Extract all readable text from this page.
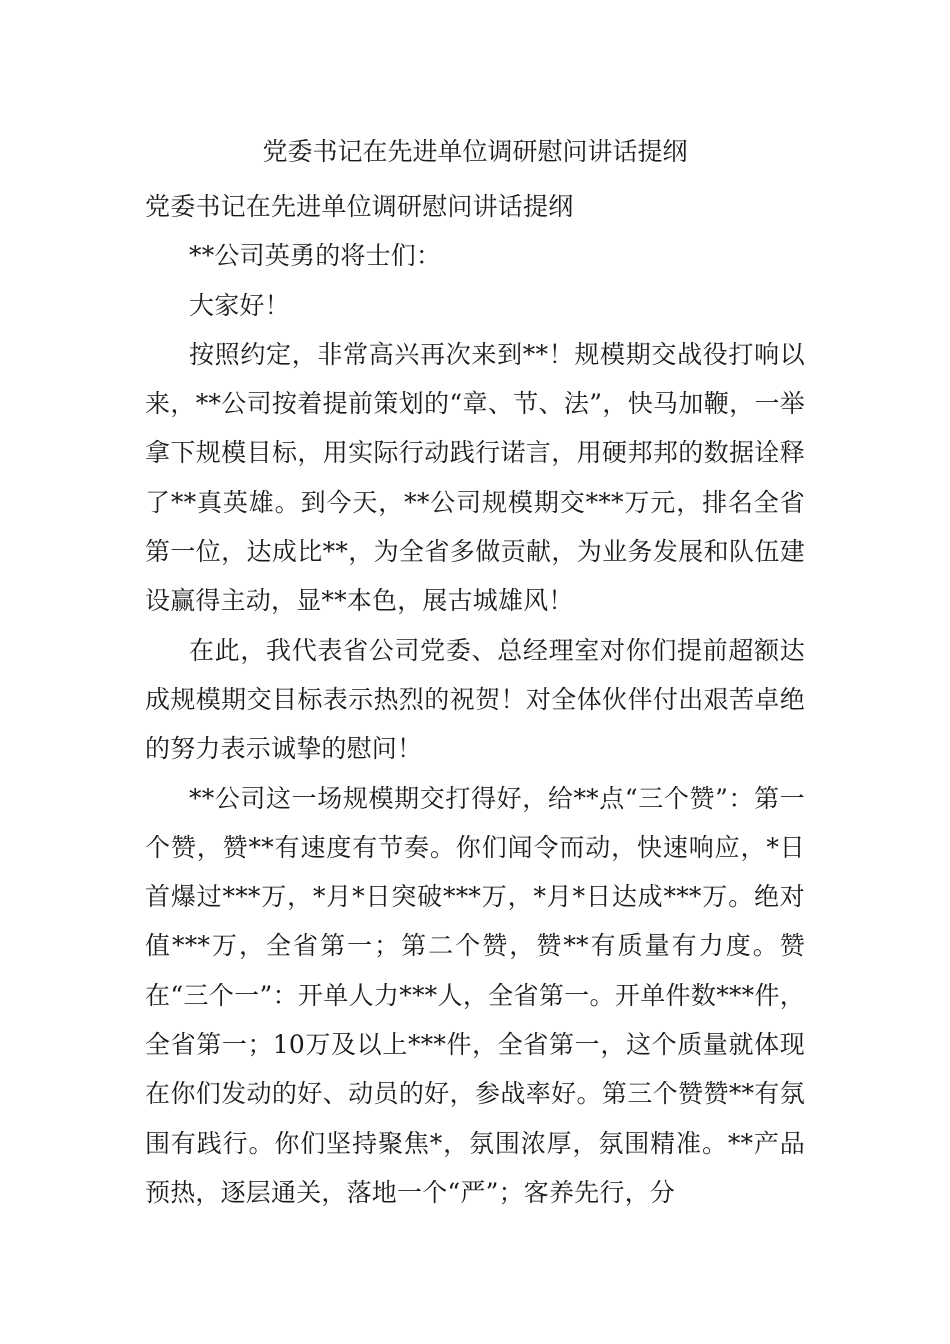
党委书记在先进单位调研慰问讲话提纲

党委书记在先进单位调研慰问讲话提纲

**公司英勇的将士们：

大家好！

按照约定，非常高兴再次来到**！规模期交战役打响以来，**公司按着提前策划的“章、节、法”，快马加鞭，一举拿下规模目标，用实际行动践行诺言，用硬邦邦的数据诠释了**真英雄。到今天，**公司规模期交***万元，排名全省第一位，达成比**，为全省多做贡献，为业务发展和队伍建设赢得主动，显**本色，展古城雄风！

在此，我代表省公司党委、总经理室对你们提前超额达成规模期交目标表示热烈的祝贺！对全体伙伴付出艰苦卓绝的努力表示诚挚的慰问！

**公司这一场规模期交打得好，给**点“三个赞”：第一个赞，赞**有速度有节奏。你们闻令而动，快速响应，*日首爆过***万，*月*日突破***万，*月*日达成***万。绝对值***万，全省第一；第二个赞，赞**有质量有力度。赞在“三个一”：开单人力***人，全省第一。开单件数***件，全省第一；10万及以上***件，全省第一，这个质量就体现在你们发动的好、动员的好，参战率好。第三个赞赞**有氛围有践行。你们坚持聚焦*，氛围浓厚，氛围精准。**产品预热，逐层通关，落地一个“严”；客养先行，分
